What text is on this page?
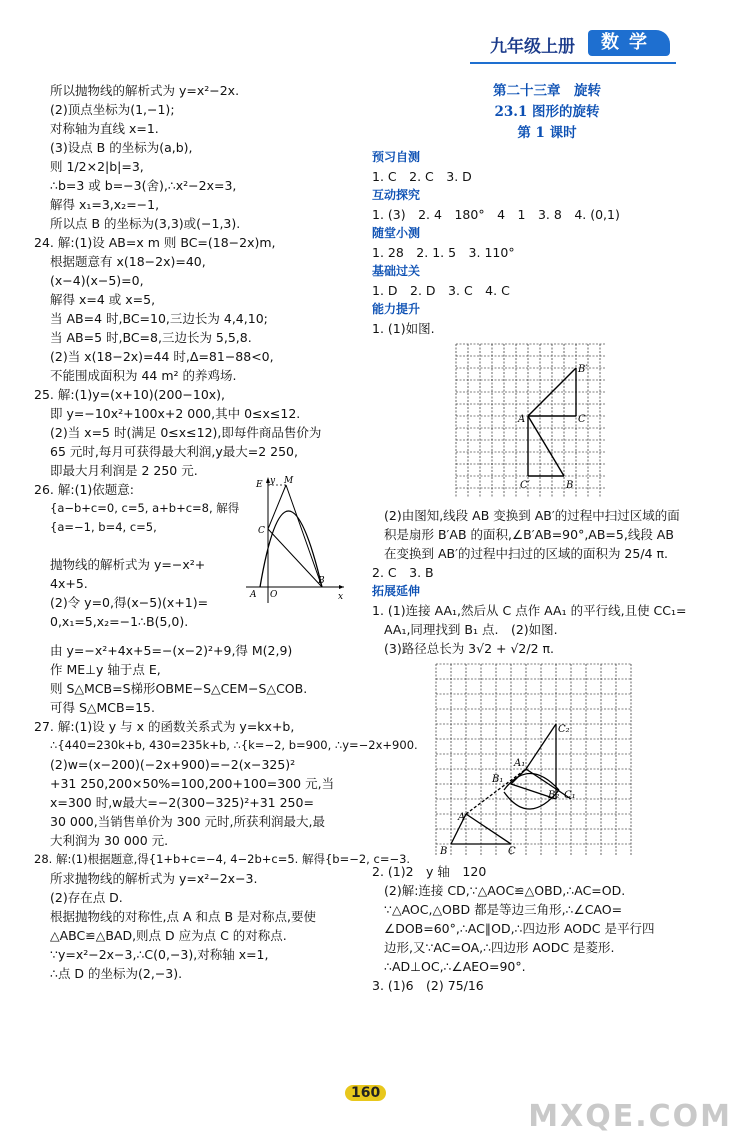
九年级上册	数学
所以抛物线的解析式为 y=x²−2x.
(2)顶点坐标为(1,−1);
对称轴为直线 x=1.
(3)设点 B 的坐标为(a,b),
则 1/2×2|b|=3,
∴b=3 或 b=−3(舍),∴x²−2x=3,
解得 x₁=3,x₂=−1,
所以点 B 的坐标为(3,3)或(−1,3).
24. 解:(1)设 AB=x m 则 BC=(18−2x)m,
根据题意有 x(18−2x)=40,
(x−4)(x−5)=0,
解得 x=4 或 x=5,
当 AB=4 时,BC=10,三边长为 4,4,10;
当 AB=5 时,BC=8,三边长为 5,5,8.
(2)当 x(18−2x)=44 时,Δ=81−88<0,
不能围成面积为 44 m² 的养鸡场.
25. 解:(1)y=(x+10)(200−10x),
即 y=−10x²+100x+2 000,其中 0≤x≤12.
(2)当 x=5 时(满足 0≤x≤12),即每件商品售价为
65 元时,每月可获得最大利润,y最大=2 250,
即最大月利润是 2 250 元.
26. 解:(1)依题意:
{a−b+c=0, c=5, a+b+c=8, 解得{a=−1, b=4, c=5,
抛物线的解析式为 y=−x²+
4x+5.
(2)令 y=0,得(x−5)(x+1)=
0,x₁=5,x₂=−1∴B(5,0).
E M
C
A O
B
x
y
由 y=−x²+4x+5=−(x−2)²+9,得 M(2,9)
作 ME⊥y 轴于点 E,
则 S△MCB=S梯形OBME−S△CEM−S△COB.
可得 S△MCB=15.
27. 解:(1)设 y 与 x 的函数关系式为 y=kx+b,
∴{440=230k+b, 430=235k+b, ∴{k=−2, b=900, ∴y=−2x+900.
(2)w=(x−200)(−2x+900)=−2(x−325)²
+31 250,200×50%=100,200+100=300 元,当
x=300 时,w最大=−2(300−325)²+31 250=
30 000,当销售单价为 300 元时,所获利润最大,最
大利润为 30 000 元.
28. 解:(1)根据题意,得{1+b+c=−4, 4−2b+c=5. 解得{b=−2, c=−3.
所求抛物线的解析式为 y=x²−2x−3.
(2)存在点 D.
根据抛物线的对称性,点 A 和点 B 是对称点,要使
△ABC≌△BAD,则点 D 应为点 C 的对称点.
∵y=x²−2x−3,∴C(0,−3),对称轴 x=1,
∴点 D 的坐标为(2,−3).
第二十三章　旋转
23.1 图形的旋转
第 1 课时
预习自测
1. C　2. C　3. D
互动探究
1. (3)　2. 4　180°　4　1　3. 8　4. (0,1)
随堂小测
1. 28　2. 1. 5　3. 110°
基础过关
1. D　2. D　3. C　4. C
能力提升
1. (1)如图.
B′
A	C
B
C′
(2)由图知,线段 AB 变换到 AB′的过程中扫过区域的面
积是扇形 B′AB 的面积,∠B′AB=90°,AB=5,线段 AB
在变换到 AB′的过程中扫过的区域的面积为 25/4 π.
2. C　3. B
拓展延伸
1. (1)连接 AA₁,然后从 C 点作 AA₁ 的平行线,且使 CC₁=
AA₁,同理找到 B₁ 点.　(2)如图.
(3)路径总长为 3√2 + √2/2 π.
C₂
A₁
B₁
B₂ C₁
A
B	C
2. (1)2　y 轴　120
(2)解:连接 CD,∵△AOC≌△OBD,∴AC=OD.
∵△AOC,△OBD 都是等边三角形,∴∠CAO=
∠DOB=60°,∴AC∥OD,∴四边形 AODC 是平行四
边形,又∵AC=OA,∴四边形 AODC 是菱形.
∴AD⊥OC,∴∠AEO=90°.
3. (1)6　(2) 75/16
160
MXQE.COM
